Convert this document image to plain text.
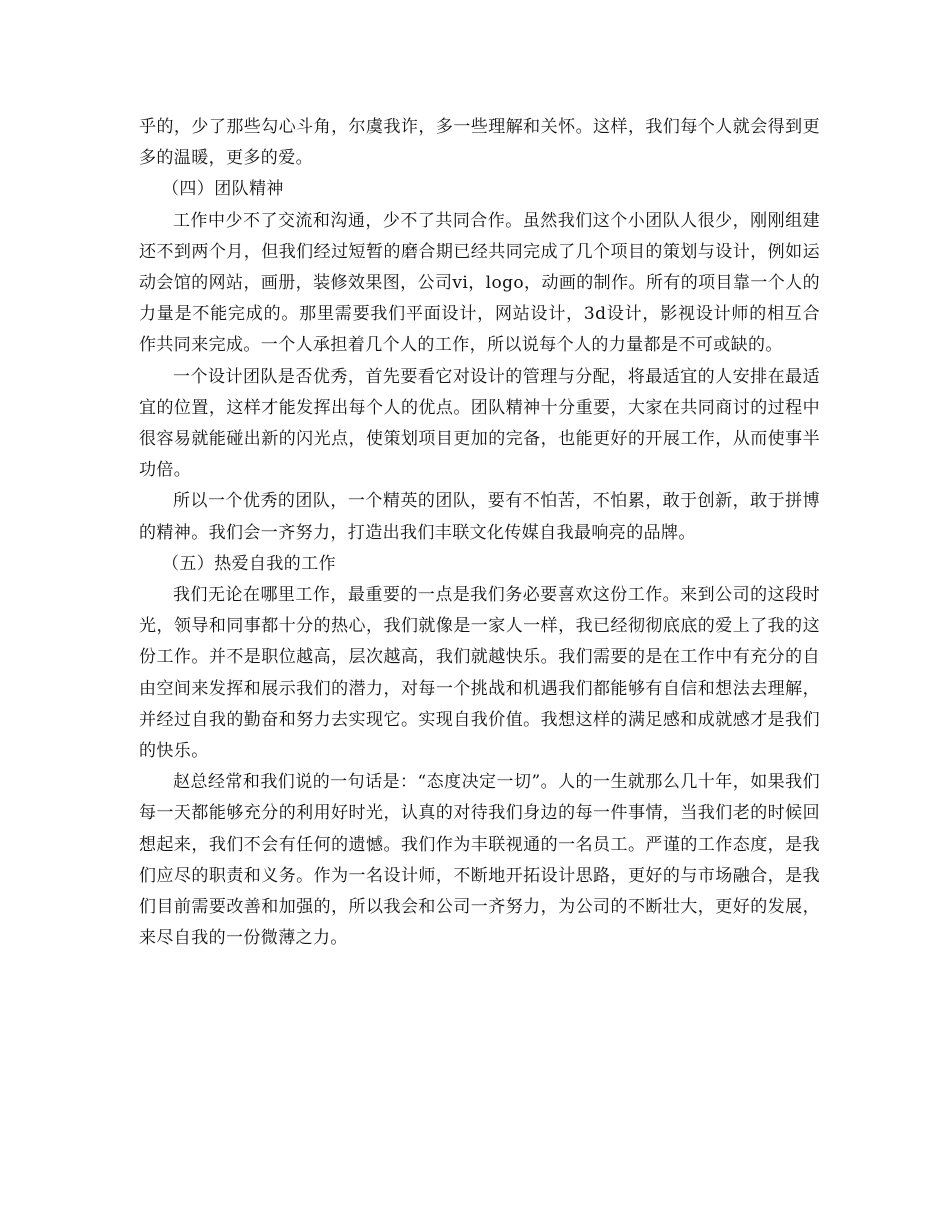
乎的，少了那些勾心斗角，尔虞我诈，多一些理解和关怀。这样，我们每个人就会得到更多的温暖，更多的爱。

（四）团队精神

工作中少不了交流和沟通，少不了共同合作。虽然我们这个小团队人很少，刚刚组建还不到两个月，但我们经过短暂的磨合期已经共同完成了几个项目的策划与设计，例如运动会馆的网站，画册，装修效果图，公司vi，logo，动画的制作。所有的项目靠一个人的力量是不能完成的。那里需要我们平面设计，网站设计，3d设计，影视设计师的相互合作共同来完成。一个人承担着几个人的工作，所以说每个人的力量都是不可或缺的。

一个设计团队是否优秀，首先要看它对设计的管理与分配，将最适宜的人安排在最适宜的位置，这样才能发挥出每个人的优点。团队精神十分重要，大家在共同商讨的过程中很容易就能碰出新的闪光点，使策划项目更加的完备，也能更好的开展工作，从而使事半功倍。

所以一个优秀的团队，一个精英的团队，要有不怕苦，不怕累，敢于创新，敢于拼博的精神。我们会一齐努力，打造出我们丰联文化传媒自我最响亮的品牌。

（五）热爱自我的工作

我们无论在哪里工作，最重要的一点是我们务必要喜欢这份工作。来到公司的这段时光，领导和同事都十分的热心，我们就像是一家人一样，我已经彻彻底底的爱上了我的这份工作。并不是职位越高，层次越高，我们就越快乐。我们需要的是在工作中有充分的自由空间来发挥和展示我们的潜力，对每一个挑战和机遇我们都能够有自信和想法去理解，并经过自我的勤奋和努力去实现它。实现自我价值。我想这样的满足感和成就感才是我们的快乐。

赵总经常和我们说的一句话是：“态度决定一切”。人的一生就那么几十年，如果我们每一天都能够充分的利用好时光，认真的对待我们身边的每一件事情，当我们老的时候回想起来，我们不会有任何的遗憾。我们作为丰联视通的一名员工。严谨的工作态度，是我们应尽的职责和义务。作为一名设计师，不断地开拓设计思路，更好的与市场融合，是我们目前需要改善和加强的，所以我会和公司一齐努力，为公司的不断壮大，更好的发展，来尽自我的一份微薄之力。
